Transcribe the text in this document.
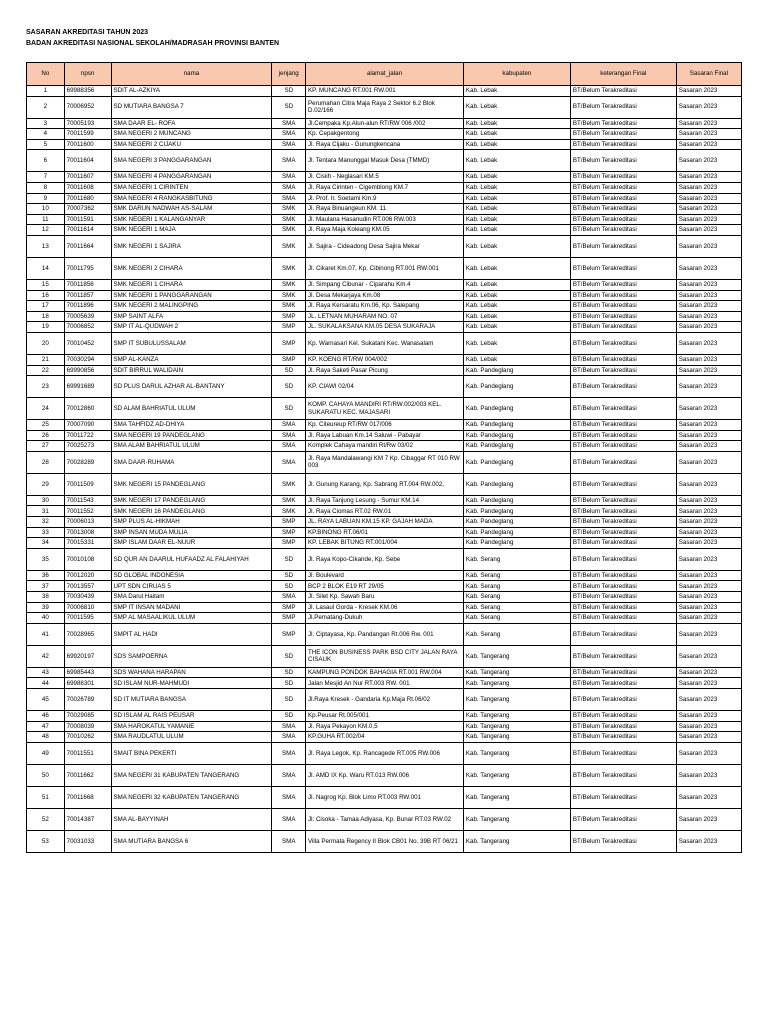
SASARAN AKREDITASI TAHUN 2023
BADAN AKREDITASI NASIONAL SEKOLAH/MADRASAH PROVINSI BANTEN
No	npsn	nama	jenjang	alamat_jalan	kabupaten	keterangan Final	Sasaran Final
1	69988356	SDIT AL-AZKIYA	SD	KP. MUNCANG RT.001 RW.001	Kab. Lebak	BT/Belum Terakreditasi	Sasaran 2023
2	70006952	SD MUTIARA BANGSA 7	SD	Perumahan Citra Maja Raya 2 Sektor 6.2 Blok D.02/166	Kab. Lebak	BT/Belum Terakreditasi	Sasaran 2023
3	70005193	SMA DAAR EL- ROFA	SMA	Jl.Cempaka Kp.Alun-alun RT/RW 006 /002	Kab. Lebak	BT/Belum Terakreditasi	Sasaran 2023
4	70011599	SMA NEGERI 2 MUNCANG	SMA	Kp. Cepakgentong	Kab. Lebak	BT/Belum Terakreditasi	Sasaran 2023
5	70011600	SMA NEGERI 2 CIJAKU	SMA	Jl. Raya Cijaku - Gunungkencana	Kab. Lebak	BT/Belum Terakreditasi	Sasaran 2023
6	70011604	SMA NEGERI 3 PANGGARANGAN	SMA	Jl. Tentara Manunggal Masuk Desa (TMMD)	Kab. Lebak	BT/Belum Terakreditasi	Sasaran 2023
7	70011607	SMA NEGERI 4 PANGGARANGAN	SMA	Jl. Cisiih - Neglasari KM.5	Kab. Lebak	BT/Belum Terakreditasi	Sasaran 2023
8	70011608	SMA NEGERI 1 CIRINTEN	SMA	Jl. Raya Cirinten - Cigemblong KM.7	Kab. Lebak	BT/Belum Terakreditasi	Sasaran 2023
9	70011680	SMA NEGERI 4 RANGKASBITUNG	SMA	Jl. Prof. Ir. Soetami Km.9	Kab. Lebak	BT/Belum Terakreditasi	Sasaran 2023
10	70007362	SMK DARUN NADWAH AS-SALAM	SMK	Jl. Raya Binuangeun KM. 11	Kab. Lebak	BT/Belum Terakreditasi	Sasaran 2023
11	70011591	SMK NEGERI 1 KALANGANYAR	SMK	Jl. Maulana Hasanudin RT.006 RW.003	Kab. Lebak	BT/Belum Terakreditasi	Sasaran 2023
12	70011614	SMK NEGERI 1 MAJA	SMK	Jl. Raya Maja Koleang KM.05	Kab. Lebak	BT/Belum Terakreditasi	Sasaran 2023
13	70011664	SMK NEGERI 1 SAJIRA	SMK	Jl. Sajira - Cideadong Desa Sajira Mekar	Kab. Lebak	BT/Belum Terakreditasi	Sasaran 2023
14	70011795	SMK NEGERI 2 CIHARA	SMK	Jl. Cikaret Km.07, Kp. Cibinong RT.001 RW.001	Kab. Lebak	BT/Belum Terakreditasi	Sasaran 2023
15	70011856	SMK NEGERI 1 CIHARA	SMK	Jl. Simpang Cibunar - Ciparahu Km.4	Kab. Lebak	BT/Belum Terakreditasi	Sasaran 2023
16	70011857	SMK NEGERI 1 PANGGARANGAN	SMK	Jl. Desa Mekarjaya Km.08	Kab. Lebak	BT/Belum Terakreditasi	Sasaran 2023
17	70011896	SMK NEGERI 2 MALINGPING	SMK	Jl. Raya Kersaratu Km.06, Kp. Salepang	Kab. Lebak	BT/Belum Terakreditasi	Sasaran 2023
18	70005639	SMP SAINT ALFA	SMP	JL. LETNAN MUHARAM NO. 07	Kab. Lebak	BT/Belum Terakreditasi	Sasaran 2023
19	70006852	SMP IT AL-QUDWAH 2	SMP	JL. SUKALAKSANA KM.05 DESA SUKARAJA	Kab. Lebak	BT/Belum Terakreditasi	Sasaran 2023
20	70010452	SMP IT SUBULUSSALAM	SMP	Kp. Warnasari Kel. Sukatani Kec. Wanasalam	Kab. Lebak	BT/Belum Terakreditasi	Sasaran 2023
21	70030294	SMP AL-KANZA	SMP	KP. KOENG RT/RW 004/002	Kab. Lebak	BT/Belum Terakreditasi	Sasaran 2023
22	69990856	SDIT BIRRUL WALIDAIN	SD	Jl. Raya Saketi Pasar Picung	Kab. Pandeglang	BT/Belum Terakreditasi	Sasaran 2023
23	69991689	SD PLUS DARUL AZHAR AL-BANTANY	SD	KP. CIAWI 02/04	Kab. Pandeglang	BT/Belum Terakreditasi	Sasaran 2023
24	70012860	SD ALAM BAHRIATUL ULUM	SD	KOMP. CAHAYA MANDIRI RT/RW.002/003 KEL. SUKARATU KEC. MAJASARI	Kab. Pandeglang	BT/Belum Terakreditasi	Sasaran 2023
25	70007090	SMA TAHFIDZ AD-DHIYA	SMA	Kp. Citeureup RT/RW 017/006	Kab. Pandeglang	BT/Belum Terakreditasi	Sasaran 2023
26	70011722	SMA NEGERI 19 PANDEGLANG	SMA	Jl. Raya Labuan Km.14 Saluwi - Pabayar	Kab. Pandeglang	BT/Belum Terakreditasi	Sasaran 2023
27	70025273	SMA ALAM BAHRIATUL ULUM	SMA	Komplek Cahaya mandiri Rt/Rw 03/02	Kab. Pandeglang	BT/Belum Terakreditasi	Sasaran 2023
28	70028289	SMA DAAR-RUHAMA	SMA	Jl. Raya Mandalawangi KM 7 Kp. Cibaggar RT 010 RW 003	Kab. Pandeglang	BT/Belum Terakreditasi	Sasaran 2023
29	70011509	SMK NEGERI 15 PANDEGLANG	SMK	Jl. Gunung Karang, Kp. Sabrang RT.004 RW.002,	Kab. Pandeglang	BT/Belum Terakreditasi	Sasaran 2023
30	70011543	SMK NEGERI 17 PANDEGLANG	SMK	Jl. Raya Tanjung Lesung - Sumur KM.14	Kab. Pandeglang	BT/Belum Terakreditasi	Sasaran 2023
31	70011552	SMK NEGERI 16 PANDEGLANG	SMK	Jl. Raya Ciomas RT.02 RW.01	Kab. Pandeglang	BT/Belum Terakreditasi	Sasaran 2023
32	70006013	SMP PLUS AL-HIKMAH	SMP	JL. RAYA LABUAN KM.15 KP. GAJAH MADA	Kab. Pandeglang	BT/Belum Terakreditasi	Sasaran 2023
33	70013008	SMP INSAN MUDA MULIA	SMP	KP.BINONG RT.06/01	Kab. Pandeglang	BT/Belum Terakreditasi	Sasaran 2023
34	70015331	SMP ISLAM DAAR EL-NUUR	SMP	KP. LEBAK BITUNG RT.001/004	Kab. Pandeglang	BT/Belum Terakreditasi	Sasaran 2023
35	70010108	SD QUR AN DAARUL HUFAADZ AL FALAHIYAH	SD	Jl. Raya Kopo-Cikande, Kp. Sebe	Kab. Serang	BT/Belum Terakreditasi	Sasaran 2023
36	70012020	SD GLOBAL INDONESIA	SD	Jl. Boulevard	Kab. Serang	BT/Belum Terakreditasi	Sasaran 2023
37	70013557	UPT SDN CIRUAS 5	SD	BCP 2 BLOK E19 RT 29/05	Kab. Serang	BT/Belum Terakreditasi	Sasaran 2023
38	70030439	SMA Darul Haitam	SMA	Jl. Silet Kp. Sawah Baru	Kab. Serang	BT/Belum Terakreditasi	Sasaran 2023
39	70006810	SMP IT INSAN MADANI	SMP	Jl. Lasaul Gorda - Kresek KM.06	Kab. Serang	BT/Belum Terakreditasi	Sasaran 2023
40	70011595	SMP AL MASAALIKUL ULUM	SMP	Jl.Pematang-Dukuh	Kab. Serang	BT/Belum Terakreditasi	Sasaran 2023
41	70028965	SMPIT AL HADI	SMP	Jl. Ciptayasa, Kp. Pandangan Rt.006 Rw. 001	Kab. Serang	BT/Belum Terakreditasi	Sasaran 2023
42	69920197	SDS SAMPOERNA	SD	THE ICON BUSINESS PARK BSD CITY JALAN RAYA CISAUK	Kab. Tangerang	BT/Belum Terakreditasi	Sasaran 2023
43	69985443	SDS WAHANA HARAPAN	SD	KAMPUNG PONDOK BAHAGIA RT.001 RW.004	Kab. Tangerang	BT/Belum Terakreditasi	Sasaran 2023
44	69988301	SD ISLAM NUR-MAHMUDI	SD	Jalan Mesjid An Nur RT.003 RW. 001	Kab. Tangerang	BT/Belum Terakreditasi	Sasaran 2023
45	70026789	SD IT MUTIARA BANGSA	SD	Jl.Raya Kresek - Gandaria Kp.Maja Rt.06/02	Kab. Tangerang	BT/Belum Terakreditasi	Sasaran 2023
46	70029085	SD ISLAM AL RAIS PEUSAR	SD	Kp.Peusar Rt.005/001	Kab. Tangerang	BT/Belum Terakreditasi	Sasaran 2023
47	70008039	SMA HAROKATUL YAMANIE	SMA	Jl. Raya Pekayon KM.0,5	Kab. Tangerang	BT/Belum Terakreditasi	Sasaran 2023
48	70010262	SMA RAUDLATUL ULUM	SMA	KP.GUHA RT.002/04	Kab. Tangerang	BT/Belum Terakreditasi	Sasaran 2023
49	70011551	SMAIT BINA PEKERTI	SMA	Jl. Raya Legok, Kp. Rancagede RT.005 RW.006	Kab. Tangerang	BT/Belum Terakreditasi	Sasaran 2023
50	70011662	SMA NEGERI 31 KABUPATEN TANGERANG	SMA	Jl. AMD IX Kp. Waru RT.013 RW.006	Kab. Tangerang	BT/Belum Terakreditasi	Sasaran 2023
51	70011668	SMA NEGERI 32 KABUPATEN TANGERANG	SMA	Jl. Nagrog Kp. Blok Limo RT.003 RW.001	Kab. Tangerang	BT/Belum Terakreditasi	Sasaran 2023
52	70014387	SMA AL-BAYYINAH	SMA	Jl. Cisoka - Tamaa Adiyasa, Kp. Bunar RT.03 RW.02	Kab. Tangerang	BT/Belum Terakreditasi	Sasaran 2023
53	70031033	SMA MUTIARA BANGSA 6	SMA	Villa Permata Regency II Blok CB01 No. 39B RT 06/21	Kab. Tangerang	BT/Belum Terakreditasi	Sasaran 2023
